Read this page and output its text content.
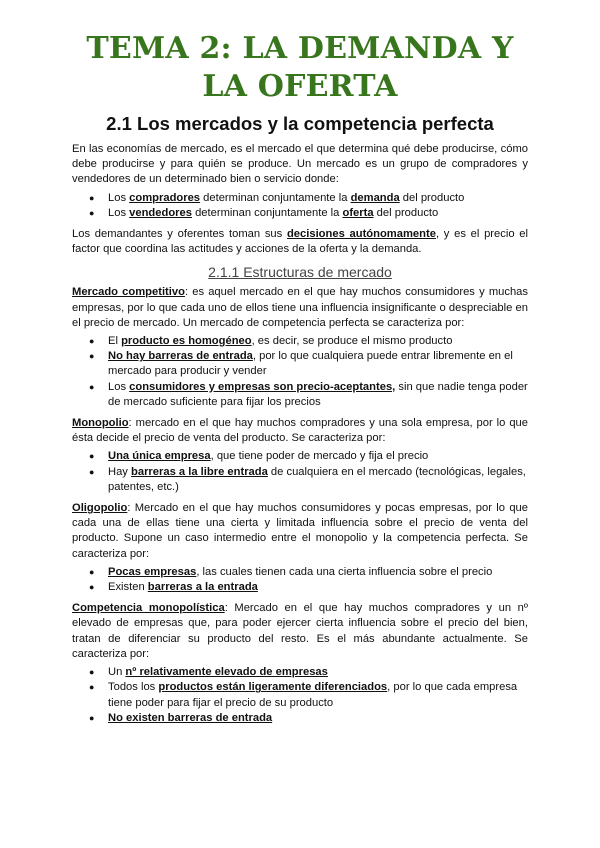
TEMA 2: LA DEMANDA Y LA OFERTA
2.1 Los mercados y la competencia perfecta

En las economías de mercado, es el mercado el que determina qué debe producirse, cómo debe producirse y para quién se produce. Un mercado es un grupo de compradores y vendedores de un determinado bien o servicio donde:

● Los compradores determinan conjuntamente la demanda del producto
● Los vendedores determinan conjuntamente la oferta del producto

Los demandantes y oferentes toman sus decisiones autónomamente, y es el precio el factor que coordina las actitudes y acciones de la oferta y la demanda.

2.1.1 Estructuras de mercado

Mercado competitivo: es aquel mercado en el que hay muchos consumidores y muchas empresas, por lo que cada uno de ellos tiene una influencia insignificante o despreciable en el precio de mercado. Un mercado de competencia perfecta se caracteriza por:

● El producto es homogéneo, es decir, se produce el mismo producto
● No hay barreras de entrada, por lo que cualquiera puede entrar libremente en el mercado para producir y vender
● Los consumidores y empresas son precio-aceptantes, sin que nadie tenga poder de mercado suficiente para fijar los precios

Monopolio: mercado en el que hay muchos compradores y una sola empresa, por lo que ésta decide el precio de venta del producto. Se caracteriza por:

● Una única empresa, que tiene poder de mercado y fija el precio
● Hay barreras a la libre entrada de cualquiera en el mercado (tecnológicas, legales, patentes, etc.)

Oligopolio: Mercado en el que hay muchos consumidores y pocas empresas, por lo que cada una de ellas tiene una cierta y limitada influencia sobre el precio de venta del producto. Supone un caso intermedio entre el monopolio y la competencia perfecta. Se caracteriza por:

● Pocas empresas, las cuales tienen cada una cierta influencia sobre el precio
● Existen barreras a la entrada

Competencia monopolística: Mercado en el que hay muchos compradores y un nº elevado de empresas que, para poder ejercer cierta influencia sobre el precio del bien, tratan de diferenciar su producto del resto. Es el más abundante actualmente. Se caracteriza por:

● Un nº relativamente elevado de empresas
● Todos los productos están ligeramente diferenciados, por lo que cada empresa tiene poder para fijar el precio de su producto
● No existen barreras de entrada
